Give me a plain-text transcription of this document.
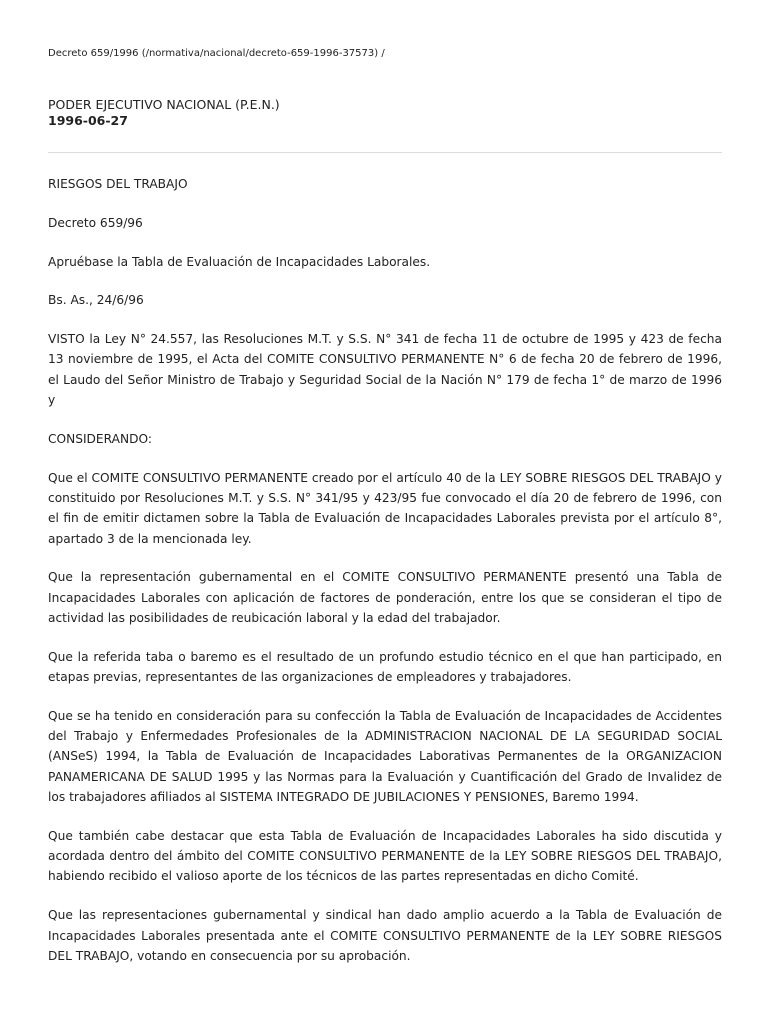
Decreto 659/1996 (/normativa/nacional/decreto-659-1996-37573) /

PODER EJECUTIVO NACIONAL (P.E.N.)

1996-06-27

RIESGOS DEL TRABAJO

Decreto 659/96

Apruébase la Tabla de Evaluación de Incapacidades Laborales.

Bs. As., 24/6/96

VISTO la Ley N° 24.557, las Resoluciones M.T. y S.S. N° 341 de fecha 11 de octubre de 1995 y 423 de fecha 13 noviembre de 1995, el Acta del COMITE CONSULTIVO PERMANENTE N° 6 de fecha 20 de febrero de 1996, el Laudo del Señor Ministro de Trabajo y Seguridad Social de la Nación N° 179 de fecha 1° de marzo de 1996 y

CONSIDERANDO:

Que el COMITE CONSULTIVO PERMANENTE creado por el artículo 40 de la LEY SOBRE RIESGOS DEL TRABAJO y constituido por Resoluciones M.T. y S.S. N° 341/95 y 423/95 fue convocado el día 20 de febrero de 1996, con el fin de emitir dictamen sobre la Tabla de Evaluación de Incapacidades Laborales prevista por el artículo 8°, apartado 3 de la mencionada ley.

Que la representación gubernamental en el COMITE CONSULTIVO PERMANENTE presentó una Tabla de Incapacidades Laborales con aplicación de factores de ponderación, entre los que se consideran el tipo de actividad las posibilidades de reubicación laboral y la edad del trabajador.

Que la referida taba o baremo es el resultado de un profundo estudio técnico en el que han participado, en etapas previas, representantes de las organizaciones de empleadores y trabajadores.

Que se ha tenido en consideración para su confección la Tabla de Evaluación de Incapacidades de Accidentes del Trabajo y Enfermedades Profesionales de la ADMINISTRACION NACIONAL DE LA SEGURIDAD SOCIAL (ANSeS) 1994, la Tabla de Evaluación de Incapacidades Laborativas Permanentes de la ORGANIZACION PANAMERICANA DE SALUD 1995 y las Normas para la Evaluación y Cuantificación del Grado de Invalidez de los trabajadores afiliados al SISTEMA INTEGRADO DE JUBILACIONES Y PENSIONES, Baremo 1994.

Que también cabe destacar que esta Tabla de Evaluación de Incapacidades Laborales ha sido discutida y acordada dentro del ámbito del COMITE CONSULTIVO PERMANENTE de la LEY SOBRE RIESGOS DEL TRABAJO, habiendo recibido el valioso aporte de los técnicos de las partes representadas en dicho Comité.

Que las representaciones gubernamental y sindical han dado amplio acuerdo a la Tabla de Evaluación de Incapacidades Laborales presentada ante el COMITE CONSULTIVO PERMANENTE de la LEY SOBRE RIESGOS DEL TRABAJO, votando en consecuencia por su aprobación.
